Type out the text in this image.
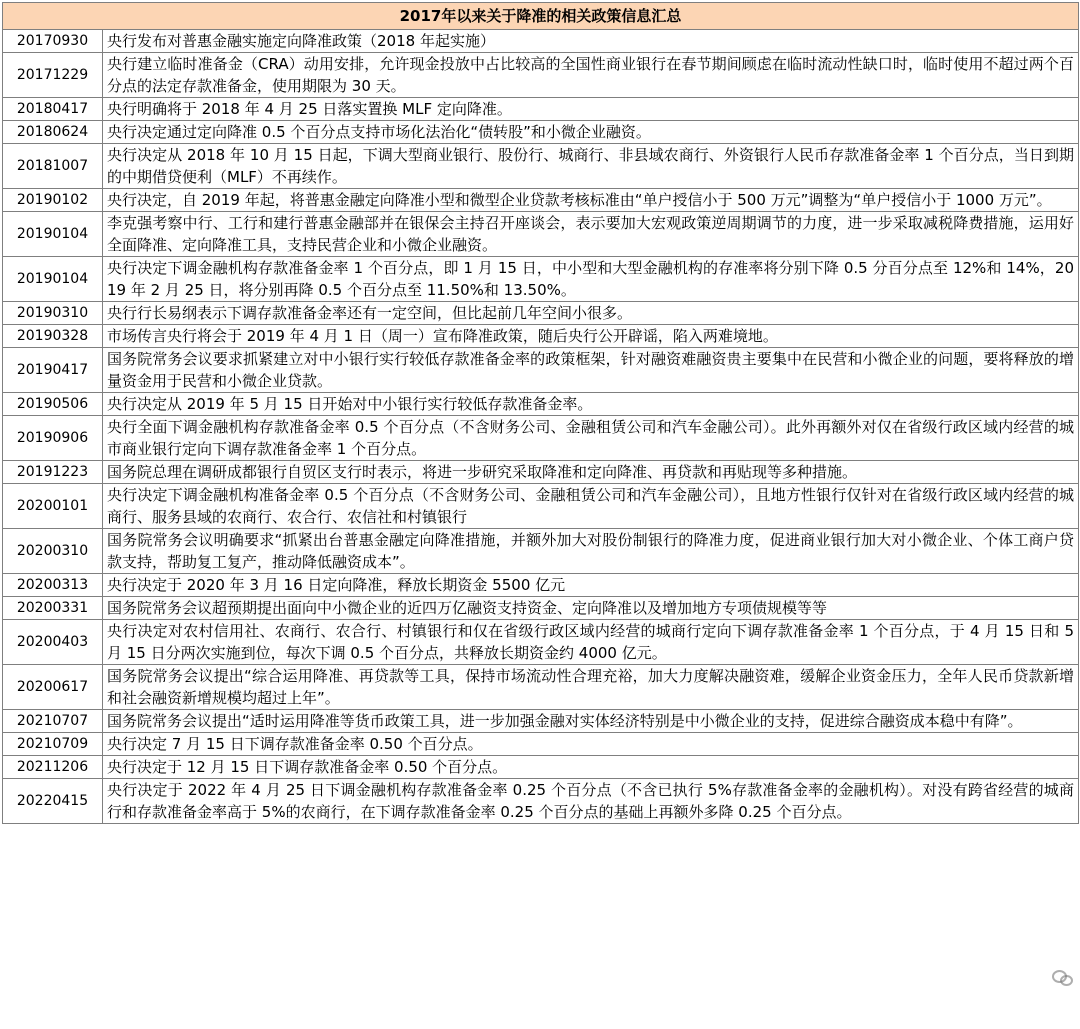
2017年以来关于降准的相关政策信息汇总	
20170930	央行发布对普惠金融实施定向降准政策（2018 年起实施）
20171229	央行建立临时准备金（CRA）动用安排，允许现金投放中占比较高的全国性商业银行在春节期间顾虑在临时流动性缺口时，临时使用不超过两个百分点的法定存款准备金，使用期限为 30 天。
20180417	央行明确将于 2018 年 4 月 25 日落实置换 MLF 定向降准。
20180624	央行决定通过定向降准 0.5 个百分点支持市场化法治化“债转股”和小微企业融资。
20181007	央行决定从 2018 年 10 月 15 日起，下调大型商业银行、股份行、城商行、非县域农商行、外资银行人民币存款准备金率 1 个百分点，当日到期的中期借贷便利（MLF）不再续作。
20190102	央行决定，自 2019 年起，将普惠金融定向降准小型和微型企业贷款考核标准由“单户授信小于 500 万元”调整为“单户授信小于 1000 万元”。
20190104	李克强考察中行、工行和建行普惠金融部并在银保会主持召开座谈会，表示要加大宏观政策逆周期调节的力度，进一步采取减税降费措施，运用好全面降准、定向降准工具，支持民营企业和小微企业融资。
20190104	央行决定下调金融机构存款准备金率 1 个百分点，即 1 月 15 日，中小型和大型金融机构的存准率将分别下降 0.5 分百分点至 12%和 14%，2019 年 2 月 25 日，将分别再降 0.5 个百分点至 11.50%和 13.50%。
20190310	央行行长易纲表示下调存款准备金率还有一定空间，但比起前几年空间小很多。
20190328	市场传言央行将会于 2019 年 4 月 1 日（周一）宣布降准政策，随后央行公开辟谣，陷入两难境地。
20190417	国务院常务会议要求抓紧建立对中小银行实行较低存款准备金率的政策框架，针对融资难融资贵主要集中在民营和小微企业的问题，要将释放的增量资金用于民营和小微企业贷款。
20190506	央行决定从 2019 年 5 月 15 日开始对中小银行实行较低存款准备金率。
20190906	央行全面下调金融机构存款准备金率 0.5 个百分点（不含财务公司、金融租赁公司和汽车金融公司）。此外再额外对仅在省级行政区域内经营的城市商业银行定向下调存款准备金率 1 个百分点。
20191223	国务院总理在调研成都银行自贸区支行时表示，将进一步研究采取降准和定向降准、再贷款和再贴现等多种措施。
20200101	央行决定下调金融机构准备金率 0.5 个百分点（不含财务公司、金融租赁公司和汽车金融公司），且地方性银行仅针对在省级行政区域内经营的城商行、服务县域的农商行、农合行、农信社和村镇银行
20200310	国务院常务会议明确要求“抓紧出台普惠金融定向降准措施，并额外加大对股份制银行的降准力度，促进商业银行加大对小微企业、个体工商户贷款支持，帮助复工复产，推动降低融资成本”。
20200313	央行决定于 2020 年 3 月 16 日定向降准，释放长期资金 5500 亿元
20200331	国务院常务会议超预期提出面向中小微企业的近四万亿融资支持资金、定向降准以及增加地方专项债规模等等
20200403	央行决定对农村信用社、农商行、农合行、村镇银行和仅在省级行政区域内经营的城商行定向下调存款准备金率 1 个百分点，于 4 月 15 日和 5 月 15 日分两次实施到位，每次下调 0.5 个百分点，共释放长期资金约 4000 亿元。
20200617	国务院常务会议提出“综合运用降准、再贷款等工具，保持市场流动性合理充裕，加大力度解决融资难，缓解企业资金压力，全年人民币贷款新增和社会融资新增规模均超过上年”。
20210707	国务院常务会议提出“适时运用降准等货币政策工具，进一步加强金融对实体经济特别是中小微企业的支持，促进综合融资成本稳中有降”。
20210709	央行决定 7 月 15 日下调存款准备金率 0.50 个百分点。
20211206	央行决定于 12 月 15 日下调存款准备金率 0.50 个百分点。
20220415	央行决定于 2022 年 4 月 25 日下调金融机构存款准备金率 0.25 个百分点（不含已执行 5%存款准备金率的金融机构）。对没有跨省经营的城商行和存款准备金率高于 5%的农商行，在下调存款准备金率 0.25 个百分点的基础上再额外多降 0.25 个百分点。
